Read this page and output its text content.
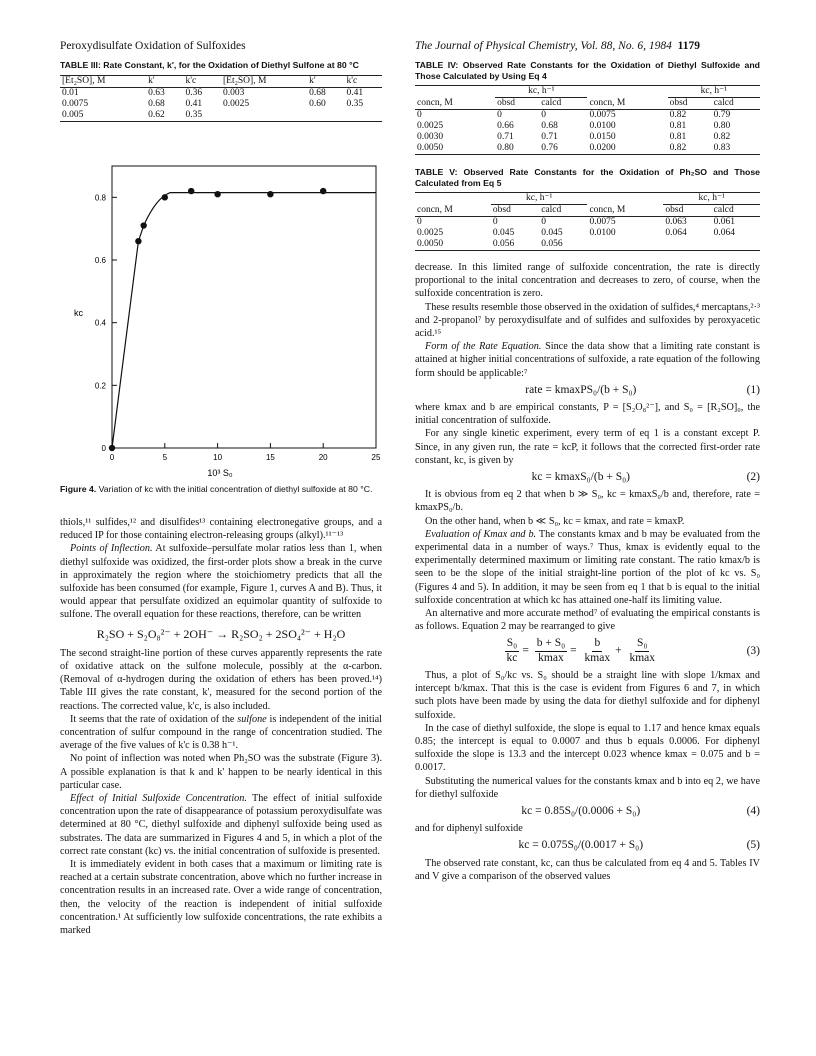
Peroxydisulfate Oxidation of Sulfoxides	The Journal of Physical Chemistry, Vol. 88, No. 6, 1984 1179
TABLE III: Rate Constant, k', for the Oxidation of Diethyl Sulfone at 80 °C
[Et₂SO], M	k'	k'c	[Et₂SO], M	k'	k'c
0.01	0.63	0.36	0.003	0.68	0.41
0.0075	0.68	0.41	0.0025	0.60	0.35
0.005	0.62	0.35			
0	5	10	15	20	25
0
0.2
0.4
0.6
0.8
kc
10³ S₀
Figure 4. Variation of kc with the initial concentration of diethyl sulfoxide at 80 °C.

thiols,¹¹ sulfides,¹² and disulfides¹³ containing electronegative groups, and a reduced IP for those containing electron-releasing groups (alkyl).¹¹⁻¹³

Points of Inflection. At sulfoxide–persulfate molar ratios less than 1, when diethyl sulfoxide was oxidized, the first-order plots show a break in the curve in approximately the region where the stoichiometry predicts that all the sulfoxide has been consumed (for example, Figure 1, curves A and B). Thus, it would appear that persulfate oxidized an equimolar quantity of sulfoxide to sulfone. The overall equation for these reactions, therefore, can be written

R₂SO + S₂O₈²⁻ + 2OH⁻ → R₂SO₂ + 2SO₄²⁻ + H₂O

The second straight-line portion of these curves apparently represents the rate of oxidative attack on the sulfone molecule, possibly at the α-carbon. (Removal of α-hydrogen during the oxidation of ethers has been proved.¹⁴) Table III gives the rate constant, k', measured for the second portion of the reactions. The corrected value, k'c, is also included.

It seems that the rate of oxidation of the sulfone is independent of the initial concentration of sulfur compound in the range of concentration studied. The average of the five values of k'c is 0.38 h⁻¹.

No point of inflection was noted when Ph₂SO was the substrate (Figure 3). A possible explanation is that k and k' happen to be nearly identical in this particular case.

Effect of Initial Sulfoxide Concentration. The effect of initial sulfoxide concentration upon the rate of disappearance of potassium peroxydisulfate was determined at 80 °C, diethyl sulfoxide and diphenyl sulfoxide being used as substrates. The data are summarized in Figures 4 and 5, in which a plot of the correct rate constant (kc) vs. the initial concentration of sulfoxide is presented.

It is immediately evident in both cases that a maximum or limiting rate is reached at a certain substrate concentration, above which no further increase in concentration results in an increased rate. Over a wide range of concentration, then, the velocity of the reaction is independent of initial sulfoxide concentration.¹ At sufficiently low sulfoxide concentrations, the rate exhibits a marked

TABLE IV: Observed Rate Constants for the Oxidation of Diethyl Sulfoxide and Those Calculated by Using Eq 4
	kc, h⁻¹			kc, h⁻¹	
concn, M	obsd	calcd	concn, M	obsd	calcd
0	0	0	0.0075	0.82	0.79
0.0025	0.66	0.68	0.0100	0.81	0.80
0.0030	0.71	0.71	0.0150	0.81	0.82
0.0050	0.80	0.76	0.0200	0.82	0.83
TABLE V: Observed Rate Constants for the Oxidation of Ph₂SO and Those Calculated from Eq 5
	kc, h⁻¹			kc, h⁻¹	
concn, M	obsd	calcd	concn, M	obsd	calcd
0	0	0	0.0075	0.063	0.061
0.0025	0.045	0.045	0.0100	0.064	0.064
0.0050	0.056	0.056			

decrease. In this limited range of sulfoxide concentration, the rate is directly proportional to the inital concentration and decreases to zero, of course, when the sulfoxide concentration is zero.

These results resemble those observed in the oxidation of sulfides,⁴ mercaptans,²·³ and 2-propanol⁷ by peroxydisulfate and of sulfides and sulfoxides by peroxyacetic acid.¹⁵

Form of the Rate Equation. Since the data show that a limiting rate constant is attained at higher initial concentrations of sulfoxide, a rate equation of the following form should be applicable:⁷

rate = kmaxPS₀/(b + S₀)	(1)

where kmax and b are empirical constants, P = [S₂O₈²⁻], and S₀ = [R₂SO]₀, the initial concentration of sulfoxide.

For any single kinetic experiment, every term of eq 1 is a constant except P. Since, in any given run, the rate = kcP, it follows that the corrected first-order rate constant, kc, is given by

kc = kmaxS₀/(b + S₀)	(2)

It is obvious from eq 2 that when b ≫ S₀, kc = kmaxS₀/b and, therefore, rate = kmaxPS₀/b.

On the other hand, when b ≪ S₀, kc = kmax, and rate = kmaxP.

Evaluation of Kmax and b. The constants kmax and b may be evaluated from the experimental data in a number of ways.⁷ Thus, kmax is evidently equal to the experimentally determined maximum or limiting rate constant. The ratio kmax/b is seen to be the slope of the initial straight-line portion of the plot of kc vs. S₀ (Figures 4 and 5). In addition, it may be seen from eq 1 that b is equal to the initial sulfoxide concentration at which kc has attained one-half its limiting value.

An alternative and more accurate method⁷ of evaluating the empirical constants is as follows. Equation 2 may be rearranged to give

$\frac{\text{S₀}}{kc} = \frac{\text{b + S₀}}{kmax} = \frac{b}{kmax} + \frac{\text{S₀}}{kmax}$	(3)

Thus, a plot of S₀/kc vs. S₀ should be a straight line with slope 1/kmax and intercept b/kmax. That this is the case is evident from Figures 6 and 7, in which such plots have been made by using the data for diethyl sulfoxide and for diphenyl sulfoxide.

In the case of diethyl sulfoxide, the slope is equal to 1.17 and hence kmax equals 0.85; the intercept is equal to 0.0007 and thus b equals 0.0006. For diphenyl sulfoxide the slope is 13.3 and the intercept 0.023 whence kmax = 0.075 and b = 0.0017.

Substituting the numerical values for the constants kmax and b into eq 2, we have for diethyl sulfoxide

kc = 0.85S₀/(0.0006 + S₀)	(4)

and for diphenyl sulfoxide

kc = 0.075S₀/(0.0017 + S₀)	(5)

The observed rate constant, kc, can thus be calculated from eq 4 and 5. Tables IV and V give a comparison of the observed values
